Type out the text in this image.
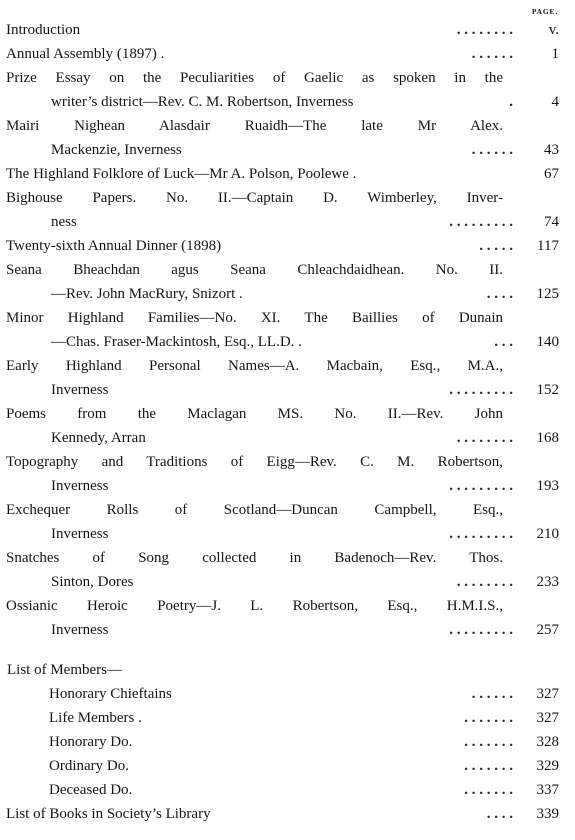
PAGE.
Introduction	. . . . . . . .	v.
Annual Assembly (1897) .	. . . . . .	1
Prize Essay on the Peculiarities of Gaelic as spoken in the
writer’s district—Rev. C. M. Robertson, Inverness	.	4
Mairi Nighean Alasdair Ruaidh—The late Mr Alex.
Mackenzie, Inverness	. . . . . .	43
The Highland Folklore of Luck—Mr A. Polson, Poolewe .	67
Bighouse Papers. No. II.—Captain D. Wimberley, Inver-
ness	. . . . . . . . .	74
Twenty-sixth Annual Dinner (1898)	. . . . .	117
Seana Bheachdan agus Seana Chleachdaidhean. No. II.
—Rev. John MacRury, Snizort .	. . . .	125
Minor Highland Families—No. XI. The Baillies of Dunain
—Chas. Fraser-Mackintosh, Esq., LL.D. .	. . .	140
Early Highland Personal Names—A. Macbain, Esq., M.A.,
Inverness	. . . . . . . . .	152
Poems from the Maclagan MS. No. II.—Rev. John
Kennedy, Arran	. . . . . . . .	168
Topography and Traditions of Eigg—Rev. C. M. Robertson,
Inverness	. . . . . . . . .	193
Exchequer Rolls of Scotland—Duncan Campbell, Esq.,
Inverness	. . . . . . . . .	210
Snatches of Song collected in Badenoch—Rev. Thos.
Sinton, Dores	. . . . . . . .	233
Ossianic Heroic Poetry—J. L. Robertson, Esq., H.M.I.S.,
Inverness	. . . . . . . . .	257
List of Members—
Honorary Chieftains	. . . . . .	327
Life Members .	. . . . . . .	327
Honorary Do.	. . . . . . .	328
Ordinary Do.	. . . . . . .	329
Deceased Do.	. . . . . . .	337
List of Books in Society’s Library	. . . .	339
